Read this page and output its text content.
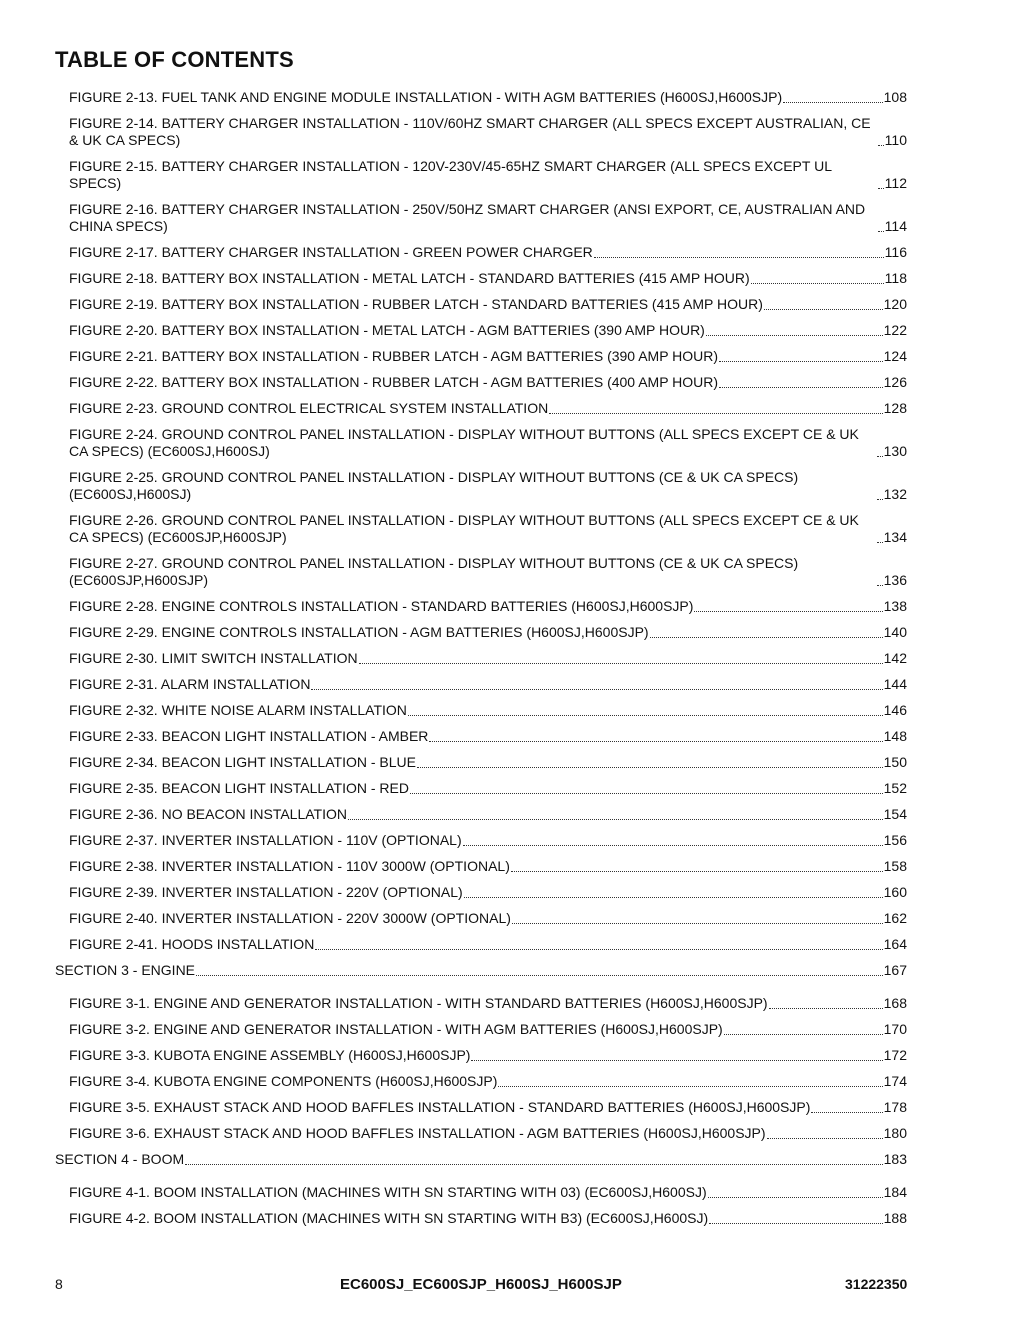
TABLE OF CONTENTS
FIGURE 2-13. FUEL TANK AND ENGINE MODULE INSTALLATION - WITH AGM BATTERIES (H600SJ,H600SJP)	108
FIGURE 2-14. BATTERY CHARGER INSTALLATION - 110V/60HZ SMART CHARGER (ALL SPECS EXCEPT AUSTRALIAN, CE & UK CA SPECS)	110
FIGURE 2-15. BATTERY CHARGER INSTALLATION - 120V-230V/45-65HZ SMART CHARGER (ALL SPECS EXCEPT UL SPECS)	112
FIGURE 2-16. BATTERY CHARGER INSTALLATION - 250V/50HZ SMART CHARGER (ANSI EXPORT, CE, AUSTRALIAN AND CHINA SPECS)	114
FIGURE 2-17. BATTERY CHARGER INSTALLATION - GREEN POWER CHARGER	116
FIGURE 2-18. BATTERY BOX INSTALLATION - METAL LATCH - STANDARD BATTERIES (415 AMP HOUR)	118
FIGURE 2-19. BATTERY BOX INSTALLATION - RUBBER LATCH - STANDARD BATTERIES (415 AMP HOUR)	120
FIGURE 2-20. BATTERY BOX INSTALLATION - METAL LATCH - AGM BATTERIES (390 AMP HOUR)	122
FIGURE 2-21. BATTERY BOX INSTALLATION - RUBBER LATCH - AGM BATTERIES (390 AMP HOUR)	124
FIGURE 2-22. BATTERY BOX INSTALLATION - RUBBER LATCH - AGM BATTERIES (400 AMP HOUR)	126
FIGURE 2-23. GROUND CONTROL ELECTRICAL SYSTEM INSTALLATION	128
FIGURE 2-24. GROUND CONTROL PANEL INSTALLATION - DISPLAY WITHOUT BUTTONS (ALL SPECS EXCEPT CE & UK CA SPECS) (EC600SJ,H600SJ)	130
FIGURE 2-25. GROUND CONTROL PANEL INSTALLATION - DISPLAY WITHOUT BUTTONS (CE & UK CA SPECS) (EC600SJ,H600SJ)	132
FIGURE 2-26. GROUND CONTROL PANEL INSTALLATION - DISPLAY WITHOUT BUTTONS (ALL SPECS EXCEPT CE & UK CA SPECS) (EC600SJP,H600SJP)	134
FIGURE 2-27. GROUND CONTROL PANEL INSTALLATION - DISPLAY WITHOUT BUTTONS (CE & UK CA SPECS) (EC600SJP,H600SJP)	136
FIGURE 2-28. ENGINE CONTROLS INSTALLATION - STANDARD BATTERIES (H600SJ,H600SJP)	138
FIGURE 2-29. ENGINE CONTROLS INSTALLATION - AGM BATTERIES (H600SJ,H600SJP)	140
FIGURE 2-30. LIMIT SWITCH INSTALLATION	142
FIGURE 2-31. ALARM INSTALLATION	144
FIGURE 2-32. WHITE NOISE ALARM INSTALLATION	146
FIGURE 2-33. BEACON LIGHT INSTALLATION - AMBER	148
FIGURE 2-34. BEACON LIGHT INSTALLATION - BLUE	150
FIGURE 2-35. BEACON LIGHT INSTALLATION - RED	152
FIGURE 2-36. NO BEACON INSTALLATION	154
FIGURE 2-37. INVERTER INSTALLATION - 110V (OPTIONAL)	156
FIGURE 2-38. INVERTER INSTALLATION - 110V 3000W (OPTIONAL)	158
FIGURE 2-39. INVERTER INSTALLATION - 220V (OPTIONAL)	160
FIGURE 2-40. INVERTER INSTALLATION - 220V 3000W (OPTIONAL)	162
FIGURE 2-41. HOODS INSTALLATION	164
SECTION 3 - ENGINE	167
FIGURE 3-1. ENGINE AND GENERATOR INSTALLATION - WITH STANDARD BATTERIES (H600SJ,H600SJP)	168
FIGURE 3-2. ENGINE AND GENERATOR INSTALLATION - WITH AGM BATTERIES (H600SJ,H600SJP)	170
FIGURE 3-3. KUBOTA ENGINE ASSEMBLY (H600SJ,H600SJP)	172
FIGURE 3-4. KUBOTA ENGINE COMPONENTS (H600SJ,H600SJP)	174
FIGURE 3-5. EXHAUST STACK AND HOOD BAFFLES INSTALLATION - STANDARD BATTERIES (H600SJ,H600SJP)	178
FIGURE 3-6. EXHAUST STACK AND HOOD BAFFLES INSTALLATION - AGM BATTERIES (H600SJ,H600SJP)	180
SECTION 4 - BOOM	183
FIGURE 4-1. BOOM INSTALLATION (MACHINES WITH SN STARTING WITH 03) (EC600SJ,H600SJ)	184
FIGURE 4-2. BOOM INSTALLATION (MACHINES WITH SN STARTING WITH B3) (EC600SJ,H600SJ)	188
8	EC600SJ_EC600SJP_H600SJ_H600SJP	31222350
